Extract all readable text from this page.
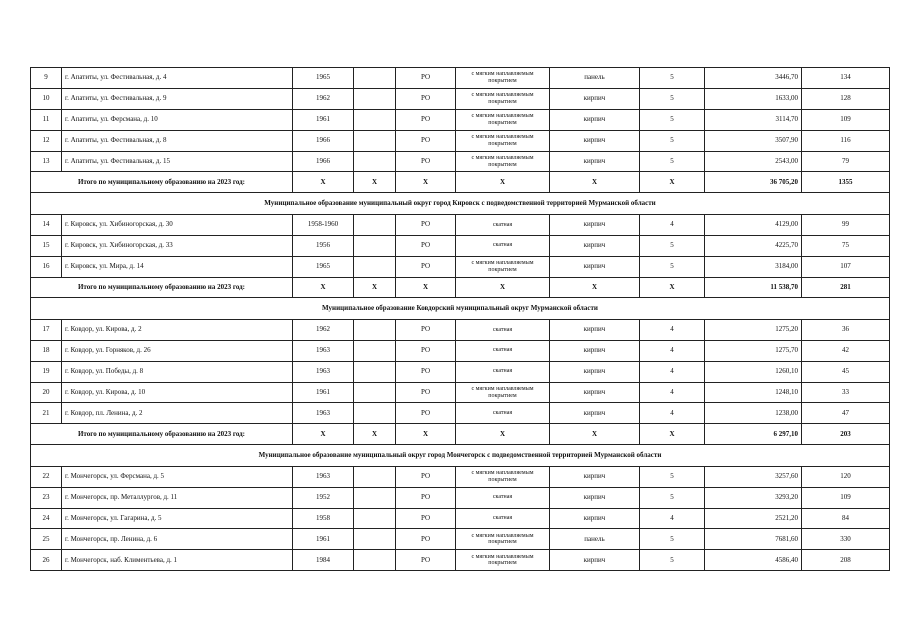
9	г. Апатиты, ул. Фестивальная, д. 4	1965		РО	с мягким наплавляемым покрытием	панель	5	3446,70	134
10	г. Апатиты, ул. Фестивальная, д. 9	1962		РО	с мягким наплавляемым покрытием	кирпич	5	1633,00	128
11	г. Апатиты, ул. Ферсмана, д. 10	1961		РО	с мягким наплавляемым покрытием	кирпич	5	3114,70	109
12	г. Апатиты, ул. Фестивальная, д. 8	1966		РО	с мягким наплавляемым покрытием	кирпич	5	3507,90	116
13	г. Апатиты, ул. Фестивальная, д. 15	1966		РО	с мягким наплавляемым покрытием	кирпич	5	2543,00	79
Итого по муниципальному образованию на 2023 год:		Х	Х	Х	Х	Х	Х	36 705,20	1355
Муниципальное образование муниципальный округ город Кировск с подведомственной территорией Мурманской области									
14	г. Кировск, ул. Хибиногорская, д. 30	1958-1960		РО	скатная	кирпич	4	4129,00	99
15	г. Кировск, ул. Хибиногорская, д. 33	1956		РО	скатная	кирпич	5	4225,70	75
16	г. Кировск, ул. Мира, д. 14	1965		РО	с мягким наплавляемым покрытием	кирпич	5	3184,00	107
Итого по муниципальному образованию на 2023 год:		Х	Х	Х	Х	Х	Х	11 538,70	281
Муниципальное образование Ковдорский муниципальный округ Мурманской области									
17	г. Ковдор, ул. Кирова, д. 2	1962		РО	скатная	кирпич	4	1275,20	36
18	г. Ковдор, ул. Горняков, д. 26	1963		РО	скатная	кирпич	4	1275,70	42
19	г. Ковдор, ул. Победы, д. 8	1963		РО	скатная	кирпич	4	1260,10	45
20	г. Ковдор, ул. Кирова, д. 10	1961		РО	с мягким наплавляемым покрытием	кирпич	4	1248,10	33
21	г. Ковдор, пл. Ленина, д. 2	1963		РО	скатная	кирпич	4	1238,00	47
Итого по муниципальному образованию на 2023 год:		Х	Х	Х	Х	Х	Х	6 297,10	203
Муниципальное образование муниципальный округ город Мончегорск с подведомственной территорией Мурманской области									
22	г. Мончегорск, ул. Ферсмана, д. 5	1963		РО	с мягким наплавляемым покрытием	кирпич	5	3257,60	120
23	г. Мончегорск, пр. Металлургов, д. 11	1952		РО	скатная	кирпич	5	3293,20	109
24	г. Мончегорск, ул. Гагарина, д. 5	1958		РО	скатная	кирпич	4	2521,20	84
25	г. Мончегорск, пр. Ленина, д. 6	1961		РО	с мягким наплавляемым покрытием	панель	5	7681,60	330
26	г. Мончегорск, наб. Климентьева, д. 1	1984		РО	с мягким наплавляемым покрытием	кирпич	5	4586,40	208
